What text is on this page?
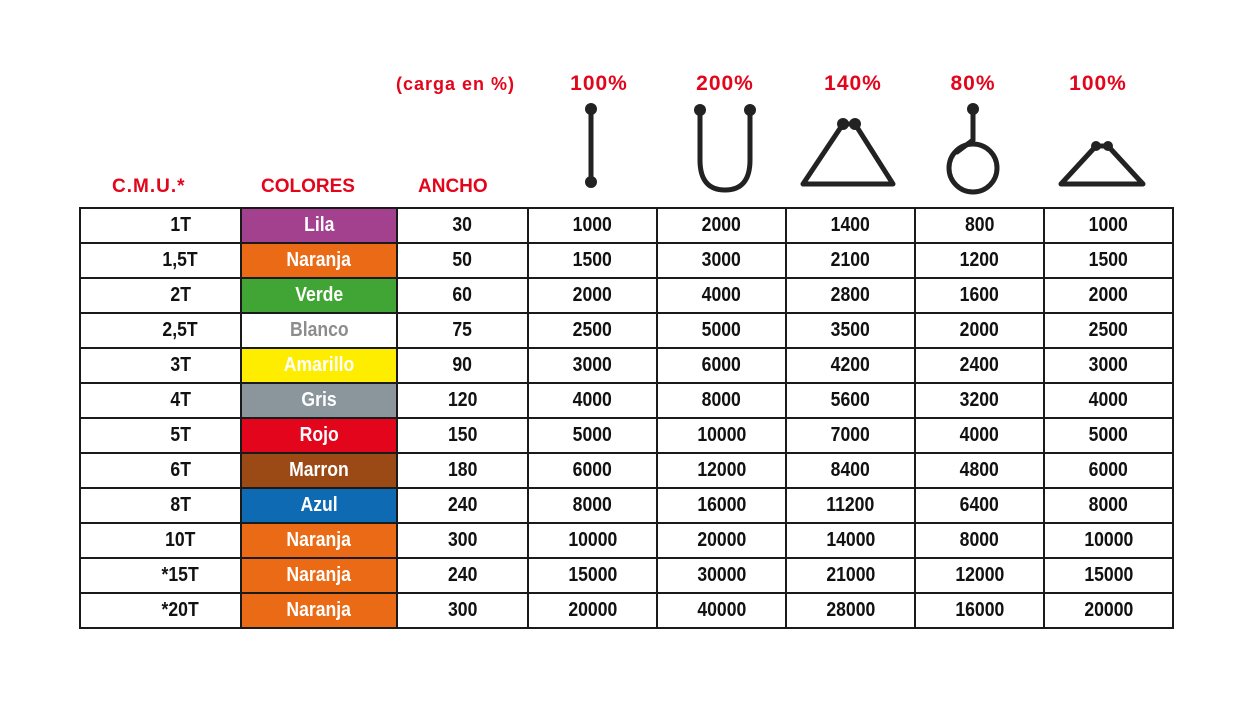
(carga en %)
C.M.U.*	COLORES	ANCHO
100%	200%	140%	80%	100%
1T	Lila	30	1000	2000	1400	800	1000
1,5T	Naranja	50	1500	3000	2100	1200	1500
2T	Verde	60	2000	4000	2800	1600	2000
2,5T	Blanco	75	2500	5000	3500	2000	2500
3T	Amarillo	90	3000	6000	4200	2400	3000
4T	Gris	120	4000	8000	5600	3200	4000
5T	Rojo	150	5000	10000	7000	4000	5000
6T	Marron	180	6000	12000	8400	4800	6000
8T	Azul	240	8000	16000	11200	6400	8000
10T	Naranja	300	10000	20000	14000	8000	10000
*15T	Naranja	240	15000	30000	21000	12000	15000
*20T	Naranja	300	20000	40000	28000	16000	20000
